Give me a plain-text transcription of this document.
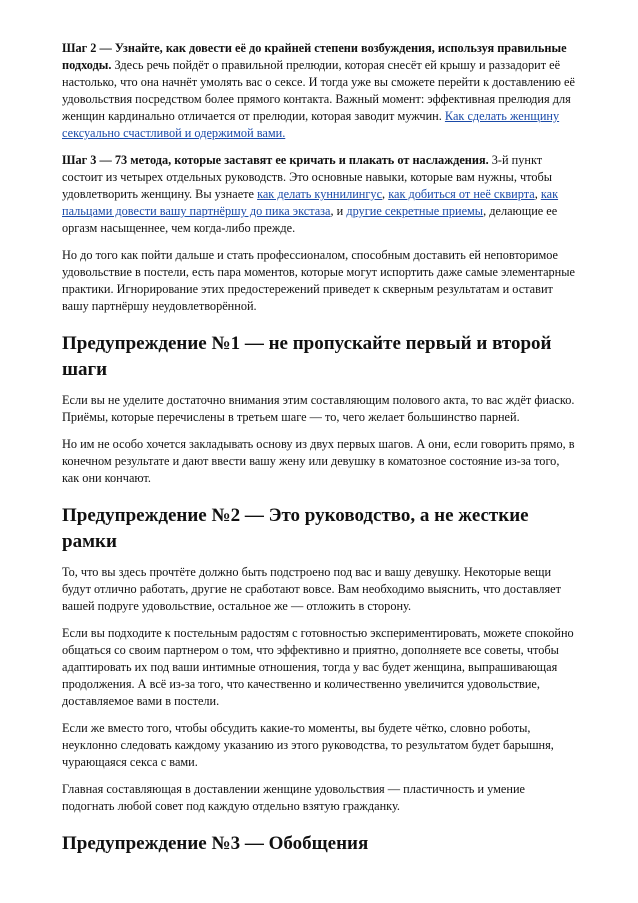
Шаг 2 — Узнайте, как довести её до крайней степени возбуждения, используя правильные подходы. Здесь речь пойдёт о правильной прелюдии, которая снесёт ей крышу и раззадорит её настолько, что она начнёт умолять вас о сексе. И тогда уже вы сможете перейти к доставлению её удовольствия посредством более прямого контакта. Важный момент: эффективная прелюдия для женщин кардинально отличается от прелюдии, которая заводит мужчин. Как сделать женщину сексуально счастливой и одержимой вами.

Шаг 3 — 73 метода, которые заставят ее кричать и плакать от наслаждения. 3-й пункт состоит из четырех отдельных руководств. Это основные навыки, которые вам нужны, чтобы удовлетворить женщину. Вы узнаете как делать куннилингус, как добиться от неё сквирта, как пальцами довести вашу партнёршу до пика экстаза, и другие секретные приемы, делающие ее оргазм насыщеннее, чем когда-либо прежде.

Но до того как пойти дальше и стать профессионалом, способным доставить ей неповторимое удовольствие в постели, есть пара моментов, которые могут испортить даже самые элементарные практики. Игнорирование этих предостережений приведет к скверным результатам и оставит вашу партнёршу неудовлетворённой.

Предупреждение №1 — не пропускайте первый и второй шаги

Если вы не уделите достаточно внимания этим составляющим полового акта, то вас ждёт фиаско.

Приёмы, которые перечислены в третьем шаге — то, чего желает большинство парней.

Но им не особо хочется закладывать основу из двух первых шагов. А они, если говорить прямо, в конечном результате и дают ввести вашу жену или девушку в коматозное состояние из-за того, как они кончают.

Предупреждение №2 — Это руководство, а не жесткие рамки

То, что вы здесь прочтёте должно быть подстроено под вас и вашу девушку. Некоторые вещи будут отлично работать, другие не сработают вовсе. Вам необходимо выяснить, что доставляет вашей подруге удовольствие, остальное же — отложить в сторону.

Если вы подходите к постельным радостям с готовностью экспериментировать, можете спокойно общаться со своим партнером о том, что эффективно и приятно, дополняете все советы, чтобы адаптировать их под ваши интимные отношения, тогда у вас будет женщина, выпрашивающая продолжения. А всё из-за того, что качественно и количественно увеличится удовольствие, доставляемое вами в постели.

Если же вместо того, чтобы обсудить какие-то моменты, вы будете чётко, словно роботы, неуклонно следовать каждому указанию из этого руководства, то результатом будет барышня, чурающаяся секса с вами.

Главная составляющая в доставлении женщине удовольствия — пластичность и умение подогнать любой совет под каждую отдельно взятую гражданку.

Предупреждение №3 — Обобщения
